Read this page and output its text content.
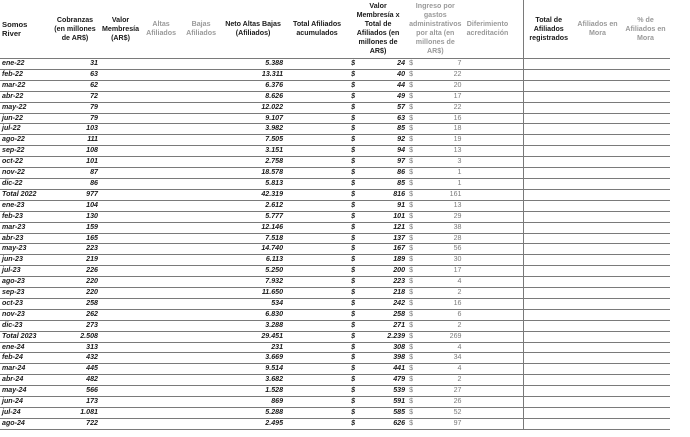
Somos River	Cobranzas (en millones de AR$)	Valor Membresía (AR$)		Altas Afiliados	Bajas Afiliados	Neto Altas Bajas (Afiliados)	Total Afiliados acumulados	Valor Membresía x Total de Afiliados (en millones de AR$)		Ingreso por gastos administrativos por alta (en millones de AR$)		Diferimiento acreditación		Total de Afiliados registrados	Afiliados en Mora	% de Afiliados en Mora
ene-22	31					5.388		$	24	$	7					
feb-22	63					13.311		$	40	$	22					
mar-22	62					6.376		$	44	$	20					
abr-22	72					8.626		$	49	$	17					
may-22	79					12.022		$	57	$	22					
jun-22	79					9.107		$	63	$	16					
jul-22	103					3.982		$	85	$	18					
ago-22	111					7.505		$	92	$	19					
sep-22	108					3.151		$	94	$	13					
oct-22	101					2.758		$	97	$	3					
nov-22	87					18.578		$	86	$	1					
dic-22	86					5.813		$	85	$	1					
Total 2022	977					42.319		$	816	$	161					
ene-23	104					2.612		$	91	$	13					
feb-23	130					5.777		$	101	$	29					
mar-23	159					12.146		$	121	$	38					
abr-23	165					7.518		$	137	$	28					
may-23	223					14.740		$	167	$	56					
jun-23	219					6.113		$	189	$	30					
jul-23	226					5.250		$	200	$	17					
ago-23	220					7.932		$	223	$	4					
sep-23	220					11.650		$	218	$	2					
oct-23	258					534		$	242	$	16					
nov-23	262					6.830		$	258	$	6					
dic-23	273					3.288		$	271	$	2					
Total 2023	2.508					29.451		$	2.239	$	269					
ene-24	313					231		$	308	$	4					
feb-24	432					3.669		$	398	$	34					
mar-24	445					9.514		$	441	$	4					
abr-24	482					3.682		$	479	$	2					
may-24	566					1.528		$	539	$	27					
jun-24	173					869		$	591	$	26					
jul-24	1.081					5.288		$	585	$	52					
ago-24	722					2.495		$	626	$	97					
